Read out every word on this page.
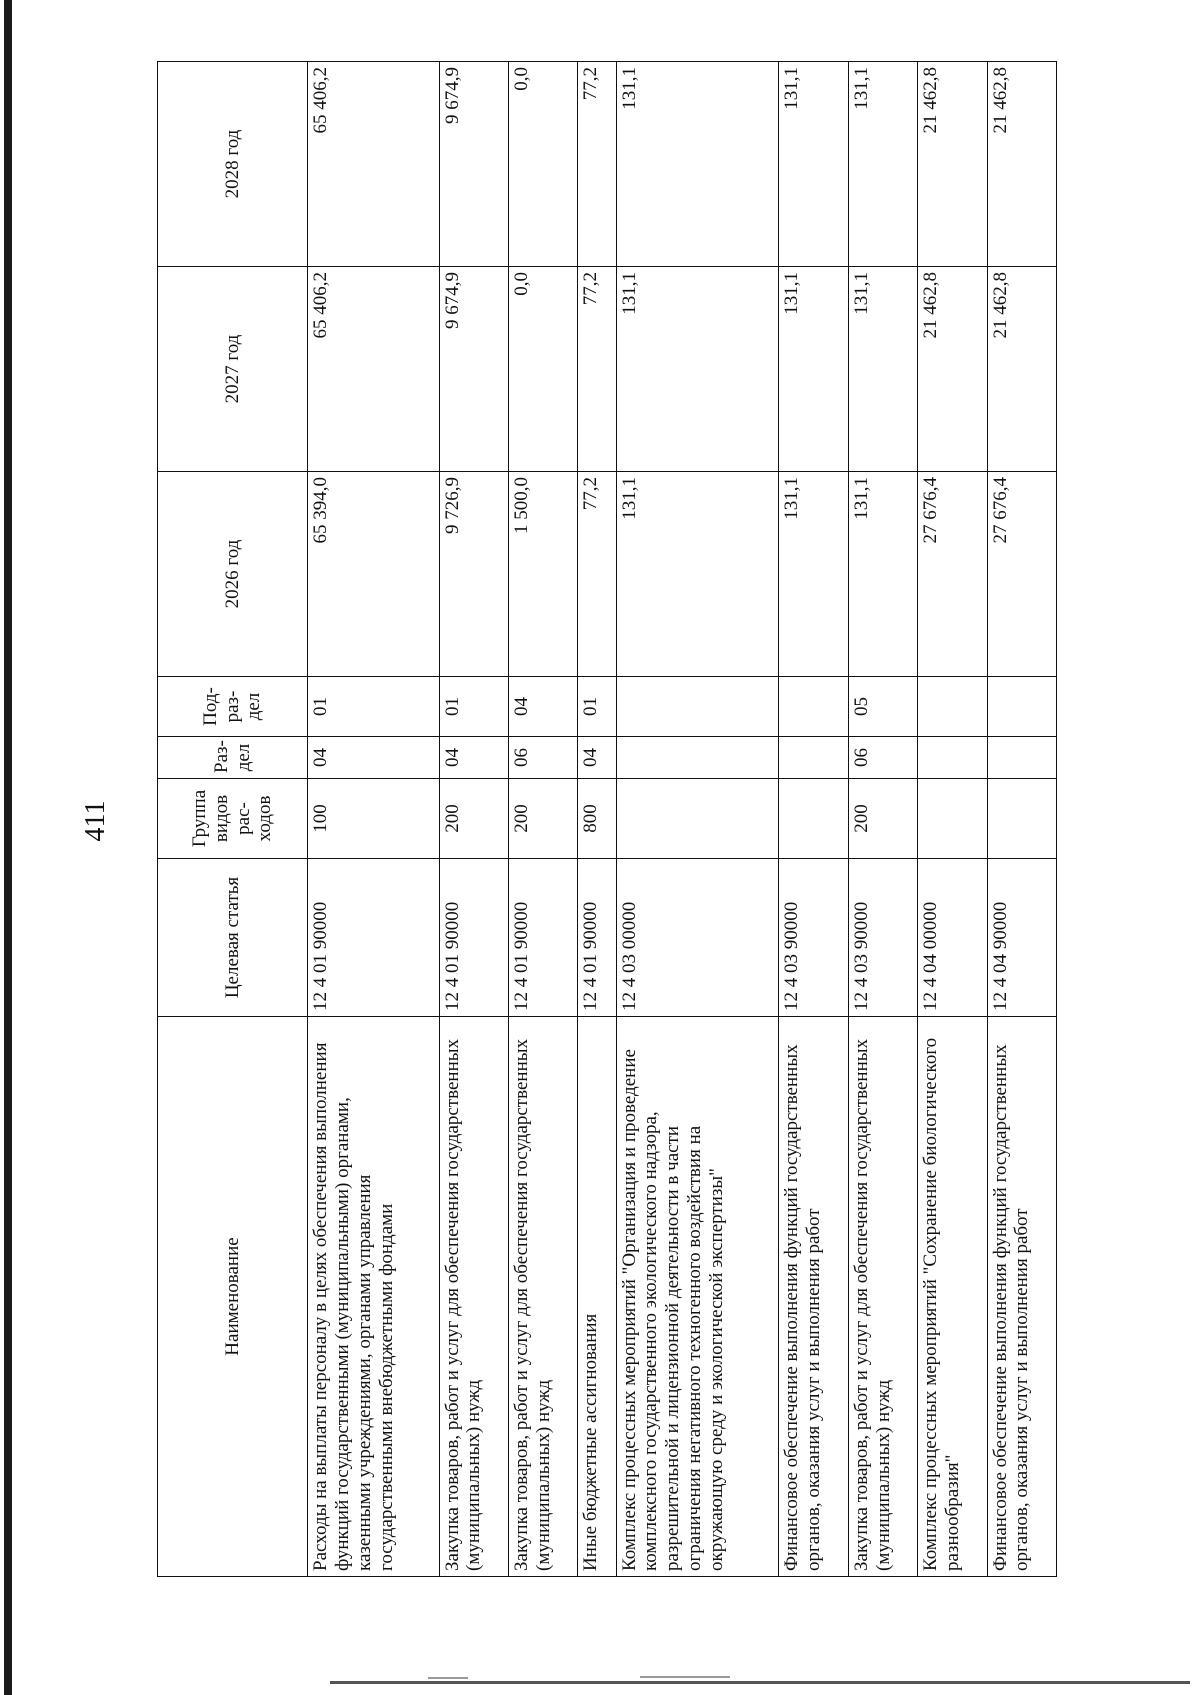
411
Наименование	Целевая статья	Группа видов рас-ходов	Раз-дел	Под-раз-дел	2026 год	2027 год	2028 год
Расходы на выплаты персоналу в целях обеспечения выполнения функций государственными (муниципальными) органами, казенными учреждениями, органами управления государственными внебюджетными фондами	12 4 01 90000	100	04	01	65 394,0	65 406,2	65 406,2
Закупка товаров, работ и услуг для обеспечения государственных (муниципальных) нужд	12 4 01 90000	200	04	01	9 726,9	9 674,9	9 674,9
Закупка товаров, работ и услуг для обеспечения государственных (муниципальных) нужд	12 4 01 90000	200	06	04	1 500,0	0,0	0,0
Иные бюджетные ассигнования	12 4 01 90000	800	04	01	77,2	77,2	77,2
Комплекс процессных мероприятий "Организация и проведение комплексного государственного экологического надзора, разрешительной и лицензионной деятельности в части ограничения негативного техногенного воздействия на окружающую среду и экологической экспертизы"	12 4 03 00000				131,1	131,1	131,1
Финансовое обеспечение выполнения функций государственных органов, оказания услуг и выполнения работ	12 4 03 90000				131,1	131,1	131,1
Закупка товаров, работ и услуг для обеспечения государственных (муниципальных) нужд	12 4 03 90000	200	06	05	131,1	131,1	131,1
Комплекс процессных мероприятий "Сохранение биологического разнообразия"	12 4 04 00000				27 676,4	21 462,8	21 462,8
Финансовое обеспечение выполнения функций государственных органов, оказания услуг и выполнения работ	12 4 04 90000				27 676,4	21 462,8	21 462,8
